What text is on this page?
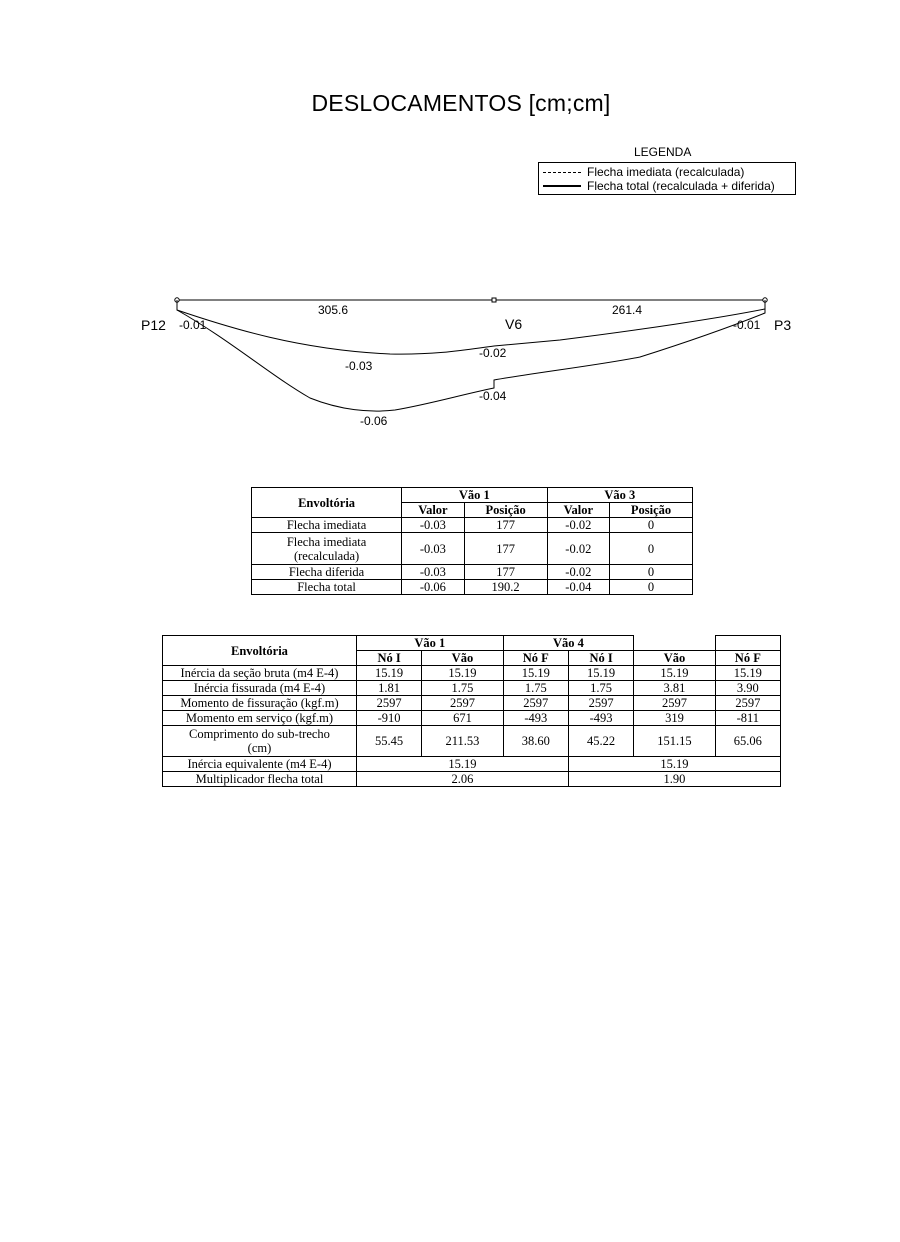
DESLOCAMENTOS [cm;cm]
LEGENDA
Flecha imediata (recalculada)
Flecha total (recalculada + diferida)
P12	V6	P3
305.6	261.4
-0.01	-0.01
-0.03
-0.06
-0.02
-0.04
Envoltória	Vão 1		Vão 3	
	Valor	Posição	Valor	Posição
Flecha imediata	-0.03	177	-0.02	0
Flecha imediata (recalculada)	-0.03	177	-0.02	0
Flecha diferida	-0.03	177	-0.02	0
Flecha total	-0.06	190.2	-0.04	0
Envoltória	Vão 1		Vão 4			
	Nó I	Vão	Nó F	Nó I	Vão	Nó F
Inércia da seção bruta (m4 E-4)	15.19	15.19	15.19	15.19	15.19	15.19
Inércia fissurada (m4 E-4)	1.81	1.75	1.75	1.75	3.81	3.90
Momento de fissuração (kgf.m)	2597	2597	2597	2597	2597	2597
Momento em serviço (kgf.m)	-910	671	-493	-493	319	-811
Comprimento do sub-trecho (cm)	55.45	211.53	38.60	45.22	151.15	65.06
Inércia equivalente (m4 E-4)	15.19			15.19		
Multiplicador flecha total	2.06			1.90		
